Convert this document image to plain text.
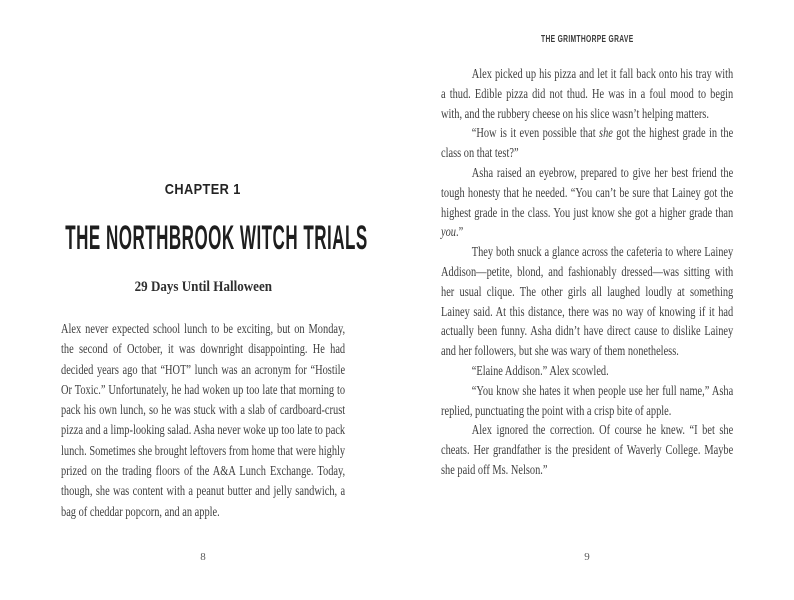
CHAPTER 1
THE NORTHBROOK WITCH TRIALS
29 Days Until Halloween

Alex never expected school lunch to be exciting, but on Monday, the second of October, it was downright disappointing. He had decided years ago that “HOT” lunch was an acronym for “Hostile Or Toxic.” Unfortunately, he had woken up too late that morning to pack his own lunch, so he was stuck with a slab of cardboard-crust pizza and a limp-looking salad. Asha never woke up too late to pack lunch. Sometimes she brought leftovers from home that were highly prized on the trading floors of the A&A Lunch Exchange. Today, though, she was content with a peanut butter and jelly sandwich, a bag of cheddar popcorn, and an apple.

8
THE GRIMTHORPE GRAVE

Alex picked up his pizza and let it fall back onto his tray with a thud. Edible pizza did not thud. He was in a foul mood to begin with, and the rubbery cheese on his slice wasn’t helping matters.

“How is it even possible that she got the highest grade in the class on that test?”

Asha raised an eyebrow, prepared to give her best friend the tough honesty that he needed. “You can’t be sure that Lainey got the highest grade in the class. You just know she got a higher grade than you.”

They both snuck a glance across the cafeteria to where Lainey Addison—petite, blond, and fashionably dressed—was sitting with her usual clique. The other girls all laughed loudly at something Lainey said. At this distance, there was no way of knowing if it had actually been funny. Asha didn’t have direct cause to dislike Lainey and her followers, but she was wary of them nonetheless.

“Elaine Addison.” Alex scowled.

“You know she hates it when people use her full name,” Asha replied, punctuating the point with a crisp bite of apple.

Alex ignored the correction. Of course he knew. “I bet she cheats. Her grandfather is the president of Waverly College. Maybe she paid off Ms. Nelson.”

9
